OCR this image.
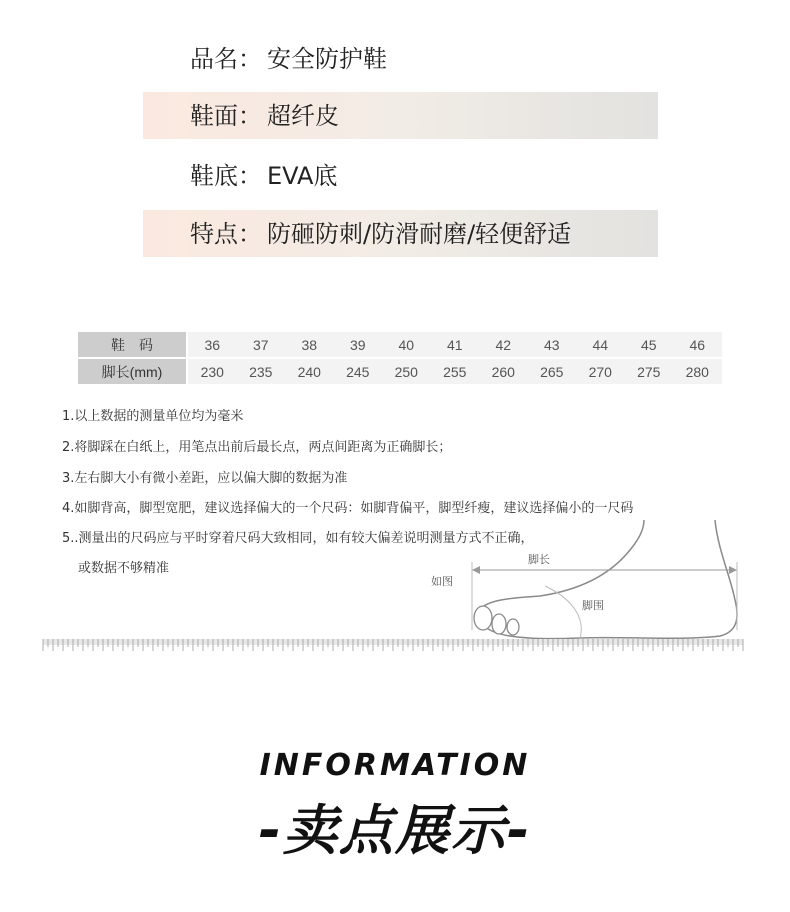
品名： 安全防护鞋
鞋面： 超纤皮
鞋底： EVA底
特点： 防砸防刺/防滑耐磨/轻便舒适
鞋　码		36	37	38	39	40	41	42	43	44	45	46
脚长(mm)		230	235	240	245	250	255	260	265	270	275	280
脚长
脚围
如图
1.以上数据的测量单位均为毫米
2.将脚踩在白纸上，用笔点出前后最长点，两点间距离为正确脚长；
3.左右脚大小有微小差距，应以偏大脚的数据为准
4.如脚背高，脚型宽肥，建议选择偏大的一个尺码：如脚背偏平，脚型纤瘦，建议选择偏小的一尺码
5..测量出的尺码应与平时穿着尺码大致相同，如有较大偏差说明测量方式不正确，
或数据不够精准
INFORMATION
-卖点展示-
